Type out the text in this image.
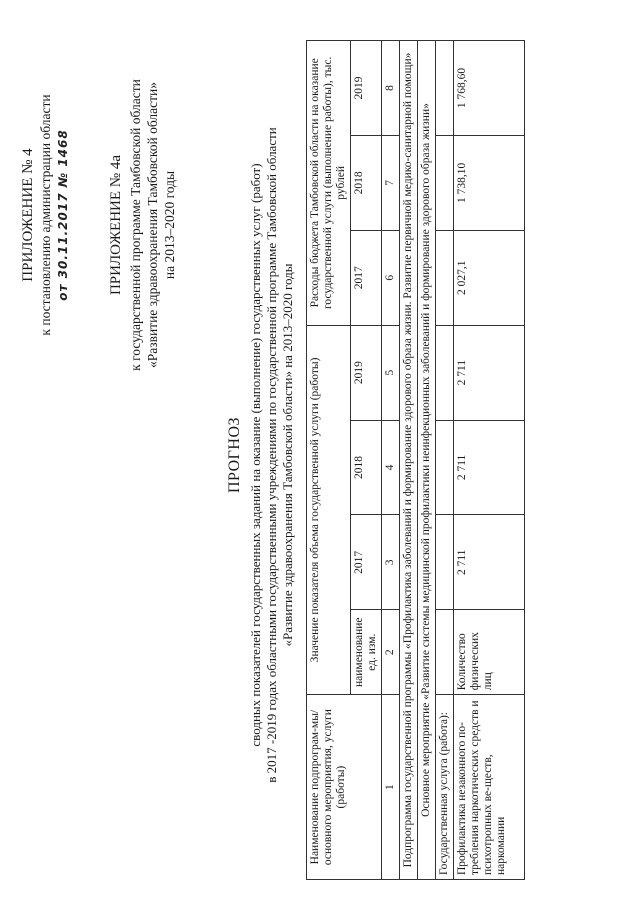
ПРИЛОЖЕНИЕ № 4 к постановлению администрации области от 30.11.2017 № 1468	ПРИЛОЖЕНИЕ № 4а к государственной программе Тамбовской области «Развитие здравоохранения Тамбовской области» на 2013–2020 годы
ПРОГНОЗ сводных показателей государственных заданий на оказание (выполнение) государственных услуг (работ) в 2017 -2019 годах областными государственными учреждениями по государственной программе Тамбовской области «Развитие здравоохранения Тамбовской области» на 2013–2020 годы
Наименование подпрограм-мы/основного мероприятия, услуги (работы)	Значение показателя объема государственной услуги (работы)				Расходы бюджета Тамбовской области на оказание государственной услуги (выполнение работы), тыс. рублей		
	наименование ед. изм.	2017	2018	2019	2017	2018	2019
1	2	3	4	5	6	7	8
Подпрограмма государственной программы «Профилактика заболеваний и формирование здорового образа жизни. Развитие первичной медико-санитарной помощи»							
Основное мероприятие «Развитие системы медицинской профилактики неинфекционных заболеваний и формирование здорового образа жизни»							
Государственная услуга (работа):							
Профилактика незаконного по-требления наркотических средств и психотропных ве-ществ, наркомании	Количество физических лиц	2 711	2 711	2 711	2 027,1	1 738,10	1 768,60
